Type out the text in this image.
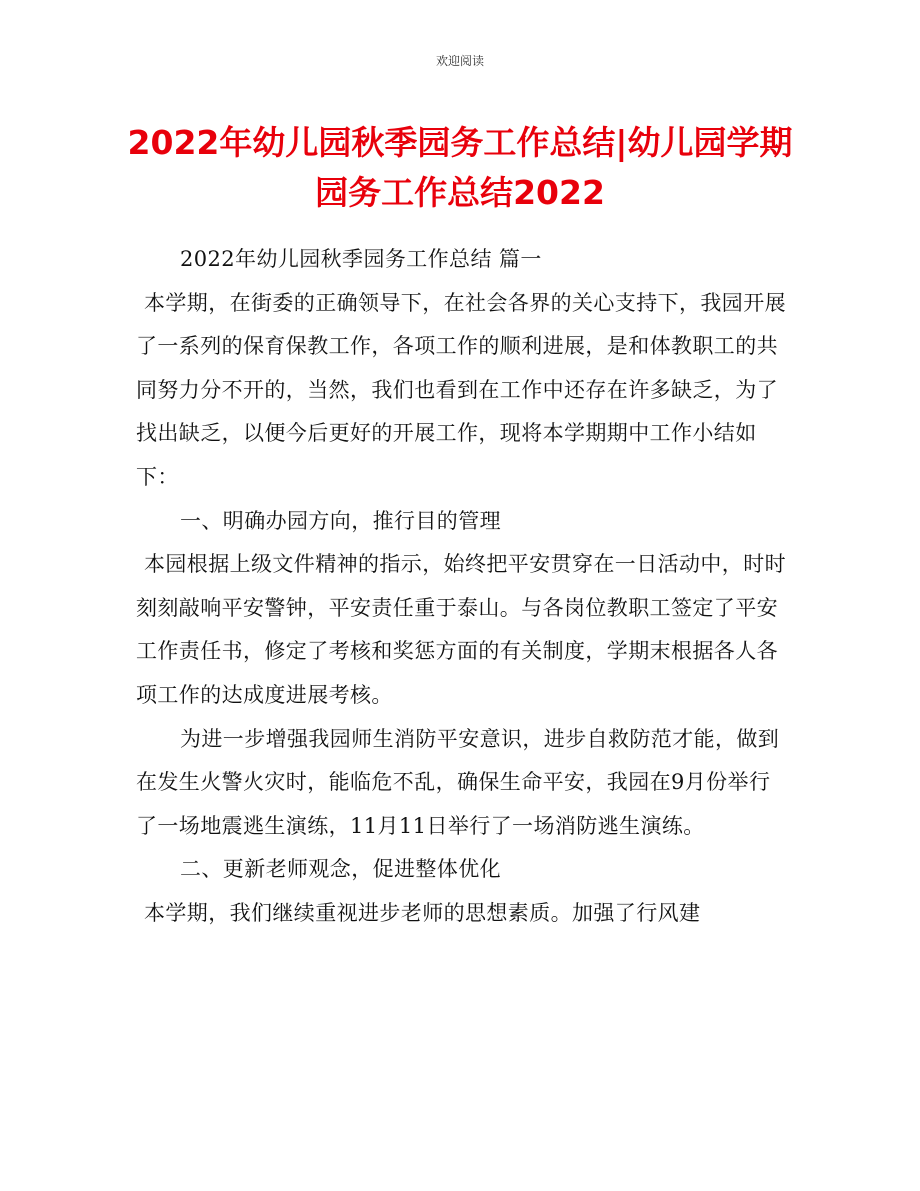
欢迎阅读
2022年幼儿园秋季园务工作总结|幼儿园学期园务工作总结2022

2022年幼儿园秋季园务工作总结 篇一

本学期，在街委的正确领导下，在社会各界的关心支持下，我园开展了一系列的保育保教工作，各项工作的顺利进展，是和体教职工的共同努力分不开的，当然，我们也看到在工作中还存在许多缺乏，为了找出缺乏，以便今后更好的开展工作，现将本学期期中工作小结如下：

一、明确办园方向，推行目的管理

本园根据上级文件精神的指示，始终把平安贯穿在一日活动中，时时刻刻敲响平安警钟，平安责任重于泰山。与各岗位教职工签定了平安工作责任书，修定了考核和奖惩方面的有关制度，学期末根据各人各项工作的达成度进展考核。

为进一步增强我园师生消防平安意识，进步自救防范才能，做到在发生火警火灾时，能临危不乱，确保生命平安，我园在9月份举行了一场地震逃生演练，11月11日举行了一场消防逃生演练。

二、更新老师观念，促进整体优化

本学期，我们继续重视进步老师的思想素质。加强了行风建
